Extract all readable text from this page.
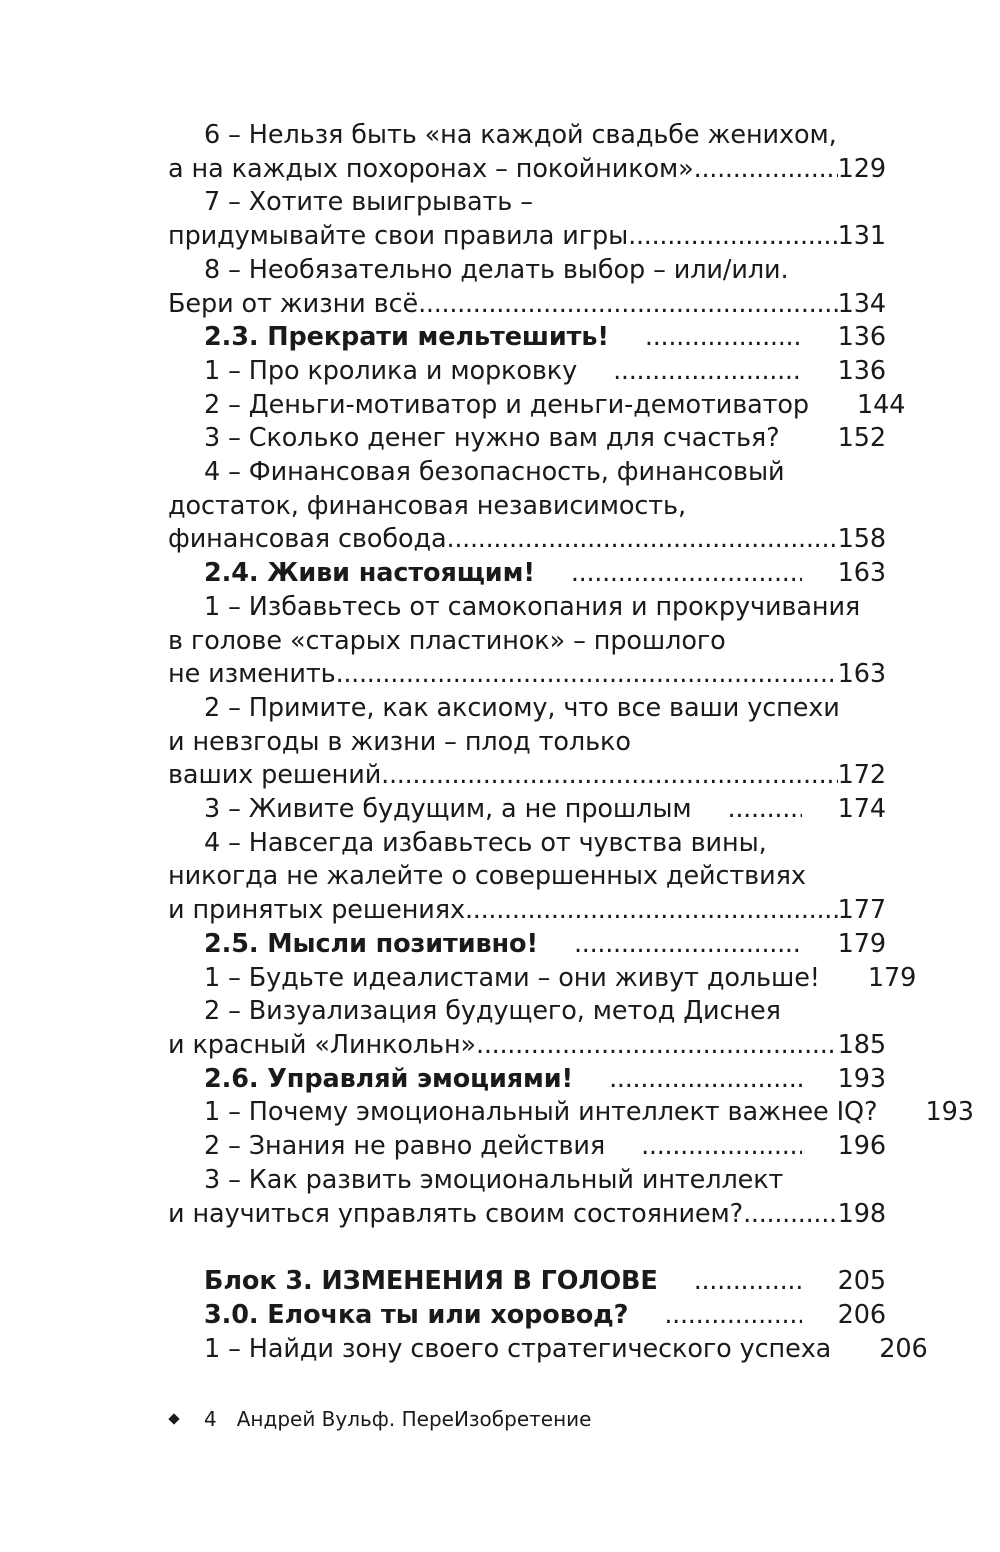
6 – Нельзя быть «на каждой свадьбе женихом,
а на каждых похоронах – покойником» . . .	129
7 – Хотите выигрывать –
придумывайте свои правила игры . . .	131
8 – Необязательно делать выбор – или/или.
Бери от жизни всё . . .	134
2.3. Прекрати мельтешить! . . .	136
1 – Про кролика и морковку . . .	136
2 – Деньги-мотиватор и деньги-демотиватор . . .	144
3 – Сколько денег нужно вам для счастья? . . .	152
4 – Финансовая безопасность, финансовый
достаток, финансовая независимость,
финансовая свобода . . .	158
2.4. Живи настоящим! . . .	163
1 – Избавьтесь от самокопания и прокручивания
в голове «старых пластинок» – прошлого
не изменить . . .	163
2 – Примите, как аксиому, что все ваши успехи
и невзгоды в жизни – плод только
ваших решений . . .	172
3 – Живите будущим, а не прошлым . . .	174
4 – Навсегда избавьтесь от чувства вины,
никогда не жалейте о совершенных действиях
и принятых решениях . . .	177
2.5. Мысли позитивно! . . .	179
1 – Будьте идеалистами – они живут дольше! . . .	179
2 – Визуализация будущего, метод Диснея
и красный «Линкольн» . . .	185
2.6. Управляй эмоциями! . . .	193
1 – Почему эмоциональный интеллект важнее IQ? . . .	193
2 – Знания не равно действия . . .	196
3 – Как развить эмоциональный интеллект
и научиться управлять своим состоянием? . . .	198
Блок 3. ИЗМЕНЕНИЯ В ГОЛОВЕ . . .	205
3.0. Елочка ты или хоровод? . . .	206
1 – Найди зону своего стратегического успеха . . .	206
4 Андрей Вульф. ПереИзобретение
